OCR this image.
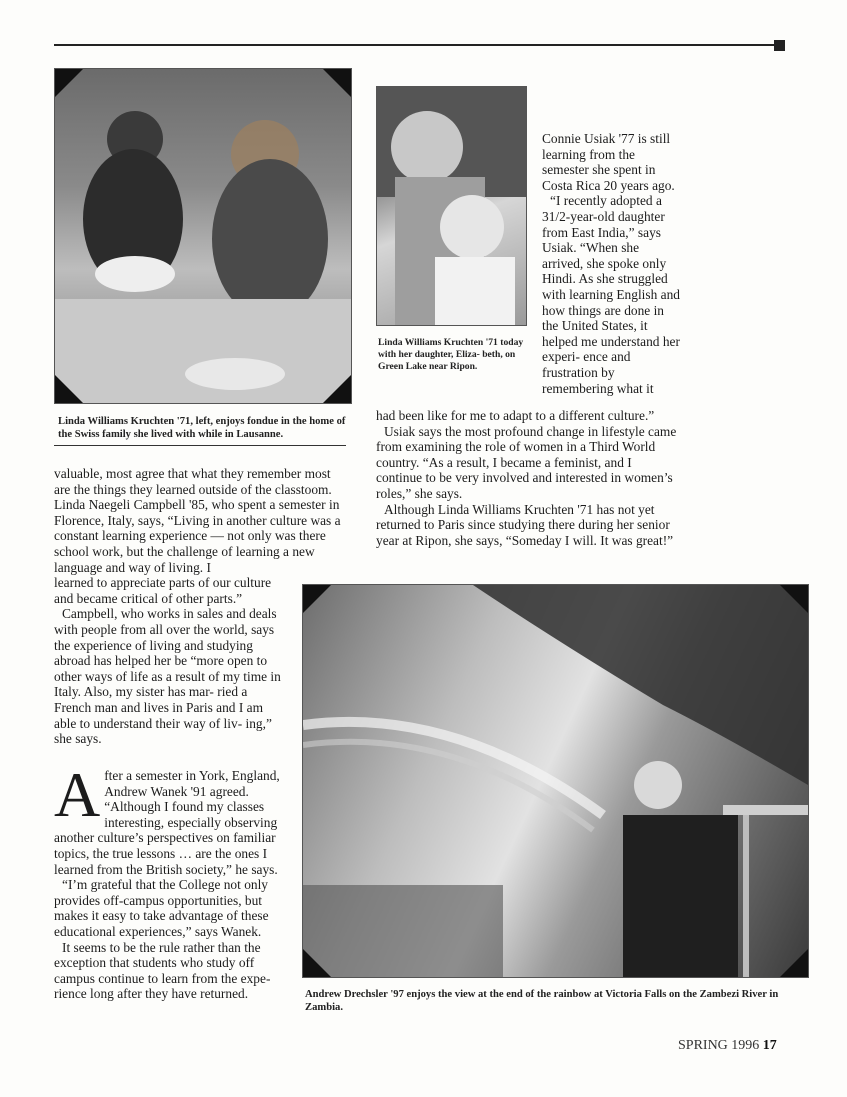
Linda Williams Kruchten '71, left, enjoys fondue in the home of the Swiss family she lived with while in Lausanne.
Linda Williams Kruchten '71 today with her daughter, Eliza- beth, on Green Lake near Ripon.

Connie Usiak '77 is still learning from the semester she spent in Costa Rica 20 years ago.

“I recently adopted a 31/2-year-old daughter from East India,” says Usiak. “When she arrived, she spoke only Hindi. As she struggled with learning English and how things are done in the United States, it helped me understand her experi- ence and frustration by remembering what it

had been like for me to adapt to a different culture.”

Usiak says the most profound change in lifestyle came from examining the role of women in a Third World country. “As a result, I became a feminist, and I continue to be very involved and interested in women’s roles,” she says.

Although Linda Williams Kruchten '71 has not yet returned to Paris since studying there during her senior year at Ripon, she says, “Someday I will. It was great!”

valuable, most agree that what they remember most are the things they learned outside of the classtoom. Linda Naegeli Campbell '85, who spent a semester in Florence, Italy, says, “Living in another culture was a constant learning experience — not only was there school work, but the challenge of learning a new language and way of living. I

learned to appreciate parts of our culture and became critical of other parts.”

Campbell, who works in sales and deals with people from all over the world, says the experience of living and studying abroad has helped her be “more open to other ways of life as a result of my time in Italy. Also, my sister has mar- ried a French man and lives in Paris and I am able to understand their way of liv- ing,” she says.

After a semester in York, England, Andrew Wanek '91 agreed. “Although I found my classes interesting, especially observing another culture’s perspectives on familiar topics, the true lessons … are the ones I learned from the British society,” he says.

“I’m grateful that the College not only provides off-campus opportunities, but makes it easy to take advantage of these educational experiences,” says Wanek.

It seems to be the rule rather than the exception that students who study off campus continue to learn from the expe- rience long after they have returned.	Andrew Drechsler '97 enjoys the view at the end of the rainbow at Victoria Falls on the Zambezi River in Zambia.
SPRING 1996 17
